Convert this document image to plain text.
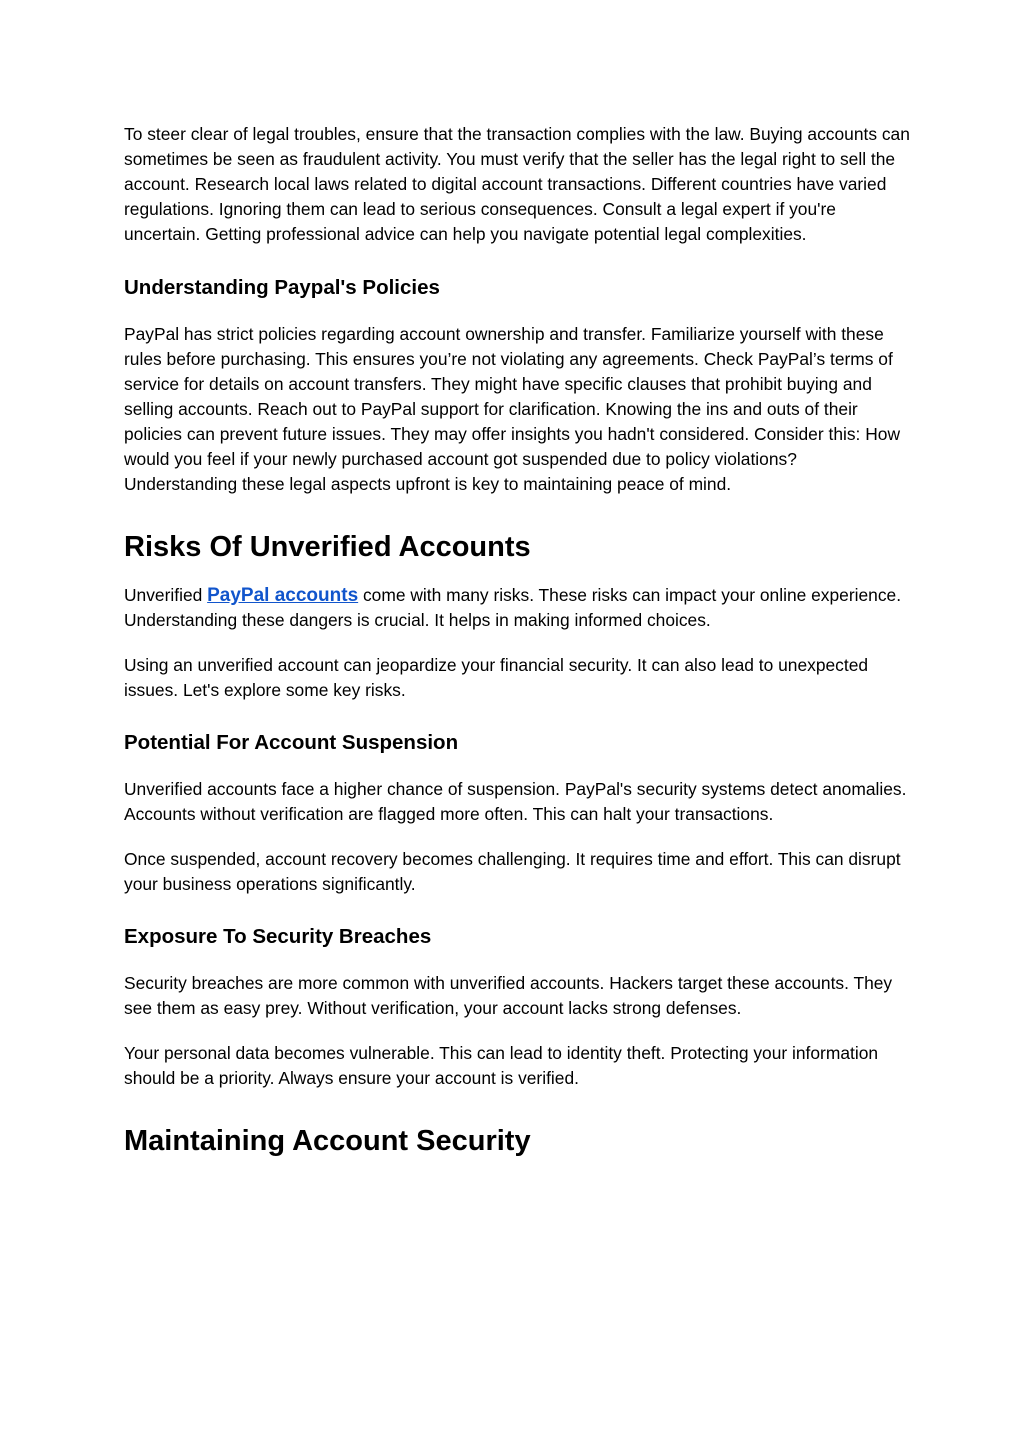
To steer clear of legal troubles, ensure that the transaction complies with the law. Buying accounts can sometimes be seen as fraudulent activity. You must verify that the seller has the legal right to sell the account. Research local laws related to digital account transactions. Different countries have varied regulations. Ignoring them can lead to serious consequences. Consult a legal expert if you're uncertain. Getting professional advice can help you navigate potential legal complexities.

Understanding Paypal's Policies

PayPal has strict policies regarding account ownership and transfer. Familiarize yourself with these rules before purchasing. This ensures you’re not violating any agreements. Check PayPal’s terms of service for details on account transfers. They might have specific clauses that prohibit buying and selling accounts. Reach out to PayPal support for clarification. Knowing the ins and outs of their policies can prevent future issues. They may offer insights you hadn't considered. Consider this: How would you feel if your newly purchased account got suspended due to policy violations? Understanding these legal aspects upfront is key to maintaining peace of mind.

Risks Of Unverified Accounts

Unverified PayPal accounts come with many risks. These risks can impact your online experience. Understanding these dangers is crucial. It helps in making informed choices.

Using an unverified account can jeopardize your financial security. It can also lead to unexpected issues. Let's explore some key risks.

Potential For Account Suspension

Unverified accounts face a higher chance of suspension. PayPal's security systems detect anomalies. Accounts without verification are flagged more often. This can halt your transactions.

Once suspended, account recovery becomes challenging. It requires time and effort. This can disrupt your business operations significantly.

Exposure To Security Breaches

Security breaches are more common with unverified accounts. Hackers target these accounts. They see them as easy prey. Without verification, your account lacks strong defenses.

Your personal data becomes vulnerable. This can lead to identity theft. Protecting your information should be a priority. Always ensure your account is verified.

Maintaining Account Security
